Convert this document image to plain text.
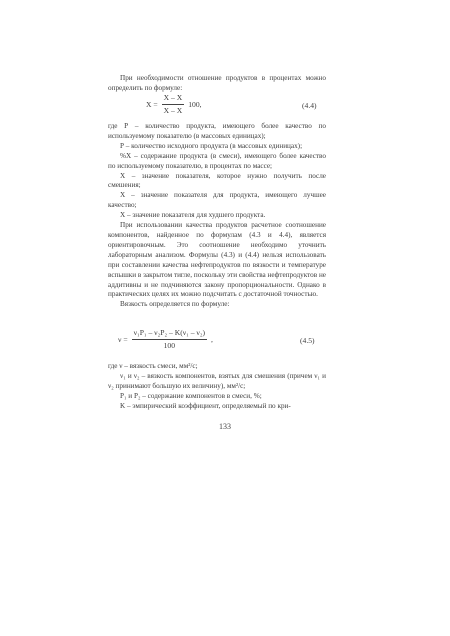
При необходимости отношение продуктов в процентах можно определить по формуле:

$Х = \frac{Х - Х}{Х - Х} 100$,	(4.4)

где Р – количество продукта, имеющего более качество по используемому показателю (в массовых единицах);

Р – количество исходного продукта (в массовых единицах);

%Х – содержание продукта (в смеси), имеющего более качество по используемому показателю, в процентах по массе;

Х – значение показателя, которое нужно получить после смешения;

Х – значение показателя для продукта, имеющего лучшее качество;

Х – значение показателя для худшего продукта.

При использовании качества продуктов расчетное соотношение компонентов, найденное по формулам (4.3 и 4.4), является ориентировочным. Это соотношение необходимо уточнить лабораторным анализом. Формулы (4.3) и (4.4) нельзя использовать при составлении качества нефтепродуктов по вязкости и температуре вспышки в закрытом тигле, поскольку эти свойства нефтепродуктов не аддитивны и не подчиняются закону пропорциональности. Однако в практических целях их можно подсчитать с достаточной точностью.

Вязкость определяется по формуле:

$\nu = \frac{\text{ν₁P₁ – ν₂P₂ – K(ν₁ – ν₂)}}{100}$ ,	(4.5)

где ν – вязкость смеси, мм²/с;

ν₁ и ν₂ – вязкость компонентов, взятых для смешения (причем ν₁ и ν₂ принимают большую их величину), мм²/с;

P₁ и P₂ – содержание компонентов в смеси, %;

K – эмпирический коэффициент, определяемый по кри-

133
